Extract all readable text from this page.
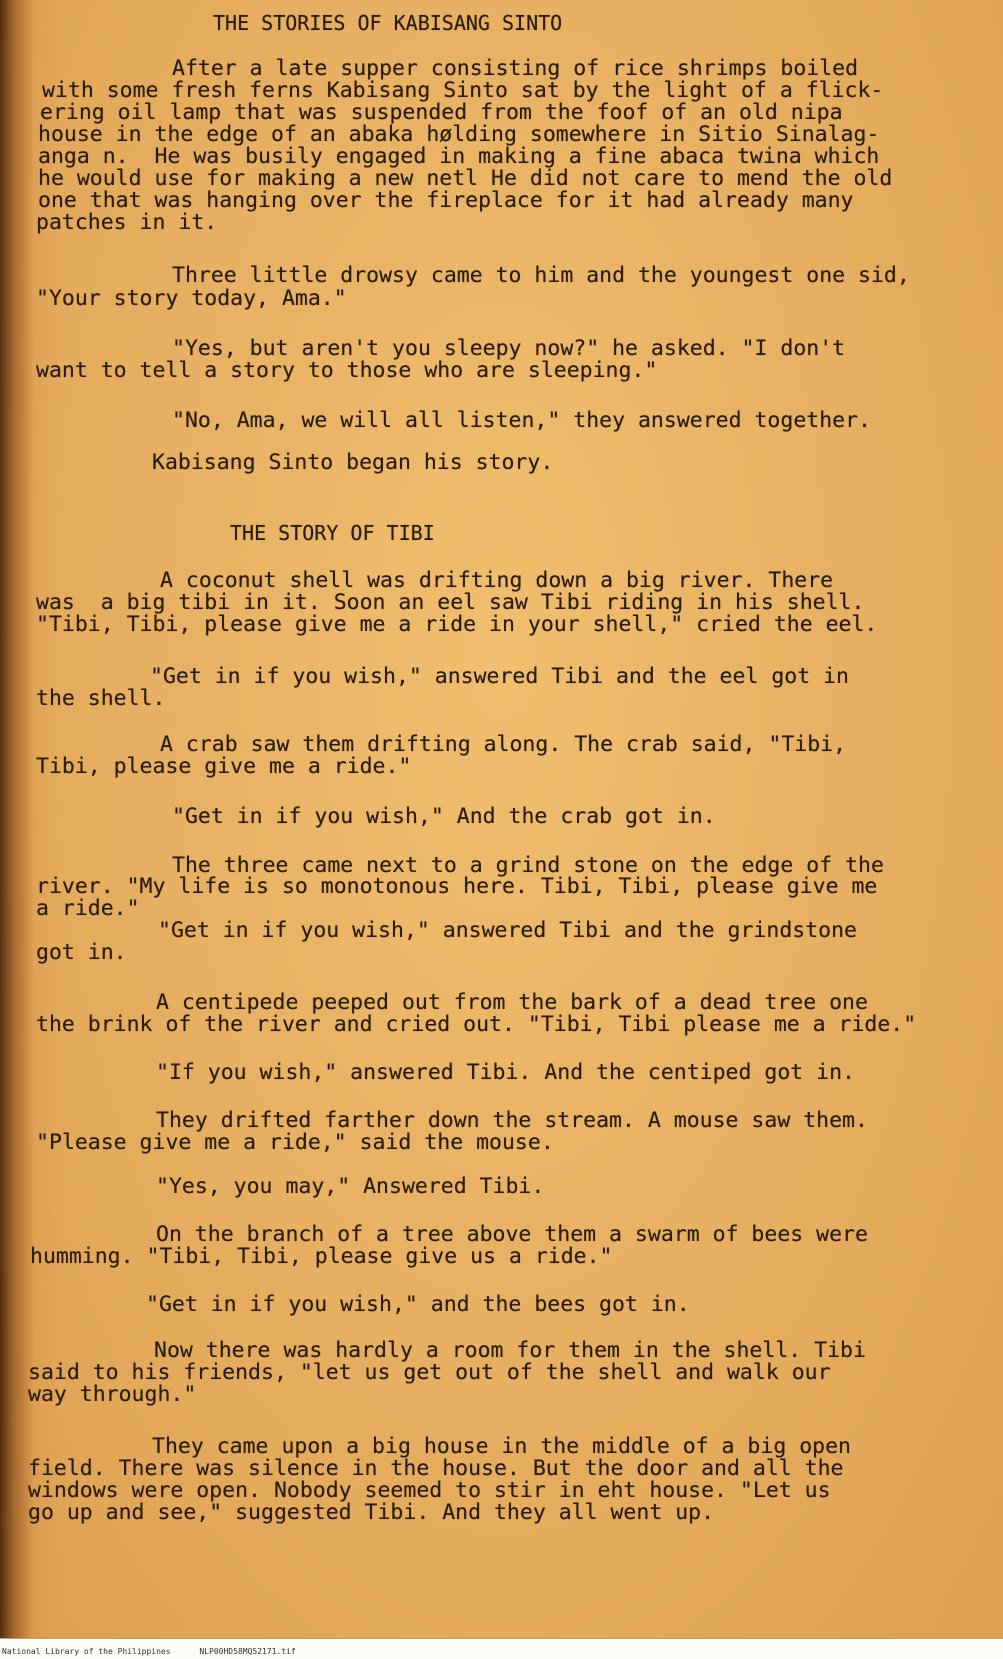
THE STORIES OF KABISANG SINTO
After a late supper consisting of rice shrimps boiled
with some fresh ferns Kabisang Sinto sat by the light of a flick-
ering oil lamp that was suspended from the foof of an old nipa
house in the edge of an abaka hølding somewhere in Sitio Sinalag-
anga n.  He was busily engaged in making a fine abaca twina which
he would use for making a new netl He did not care to mend the old
one that was hanging over the fireplace for it had already many
patches in it.
Three little drowsy came to him and the youngest one sid,
"Your story today, Ama."
"Yes, but aren't you sleepy now?" he asked. "I don't
want to tell a story to those who are sleeping."
"No, Ama, we will all listen," they answered together.
Kabisang Sinto began his story.
THE STORY OF TIBI
A coconut shell was drifting down a big river. There
was  a big tibi in it. Soon an eel saw Tibi riding in his shell.
"Tibi, Tibi, please give me a ride in your shell," cried the eel.
"Get in if you wish," answered Tibi and the eel got in
the shell.
A crab saw them drifting along. The crab said, "Tibi,
Tibi, please give me a ride."
"Get in if you wish," And the crab got in.
The three came next to a grind stone on the edge of the
river. "My life is so monotonous here. Tibi, Tibi, please give me
a ride."
"Get in if you wish," answered Tibi and the grindstone
got in.
A centipede peeped out from the bark of a dead tree one
the brink of the river and cried out. "Tibi, Tibi please me a ride."
"If you wish," answered Tibi. And the centiped got in.
They drifted farther down the stream. A mouse saw them.
"Please give me a ride," said the mouse.
"Yes, you may," Answered Tibi.
On the branch of a tree above them a swarm of bees were
humming. "Tibi, Tibi, please give us a ride."
"Get in if you wish," and the bees got in.
Now there was hardly a room for them in the shell. Tibi
said to his friends, "let us get out of the shell and walk our
way through."
They came upon a big house in the middle of a big open
field. There was silence in the house. But the door and all the
windows were open. Nobody seemed to stir in eht house. "Let us
go up and see," suggested Tibi. And they all went up.
National Library of the Philippines	NLP00HD58MQ52171.tif
